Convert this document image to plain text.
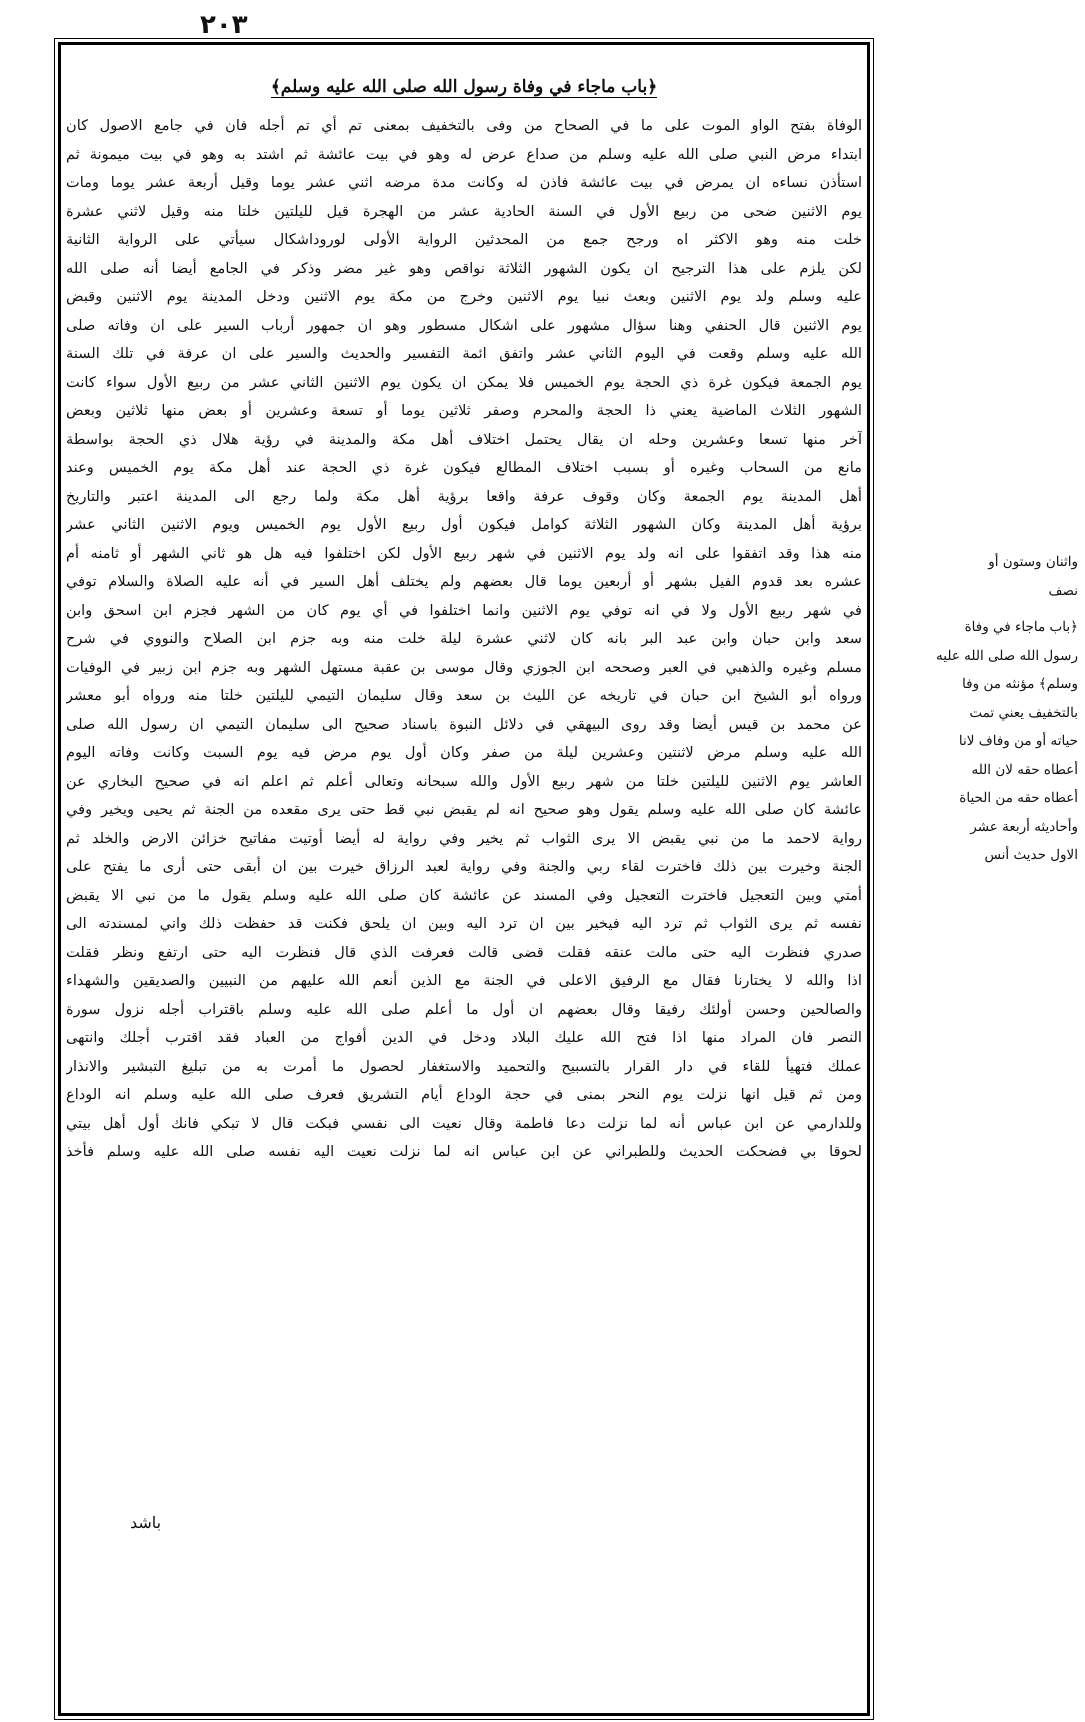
٢٠٣
﴿باب ماجاء في وفاة رسول الله صلى الله عليه وسلم﴾

الوفاة بفتح الواو الموت على ما في الصحاح من وفى بالتخفيف بمعنى تم أي تم أجله فان في جامع الاصول كان

ابتداء مرض النبي صلى الله عليه وسلم من صداع عرض له وهو في بيت عائشة ثم اشتد به وهو في بيت ميمونة ثم

استأذن نساءه ان يمرض في بيت عائشة فاذن له وكانت مدة مرضه اثني عشر يوما وقيل أربعة عشر يوما ومات

يوم الاثنين ضحى من ربيع الأول في السنة الحادية عشر من الهجرة قيل لليلتين خلتا منه وقيل لاثني عشرة

خلت منه وهو الاكثر اه ورجح جمع من المحدثين الرواية الأولى لوروداشكال سيأتي على الرواية الثانية

لكن يلزم على هذا الترجيح ان يكون الشهور الثلاثة نواقص وهو غير مضر وذكر في الجامع أيضا أنه صلى الله

عليه وسلم ولد يوم الاثنين وبعث نبيا يوم الاثنين وخرج من مكة يوم الاثنين ودخل المدينة يوم الاثنين وقبض

يوم الاثنين قال الحنفي وهنا سؤال مشهور على اشكال مسطور وهو ان جمهور أرباب السير على ان وفاته صلى

الله عليه وسلم وقعت في اليوم الثاني عشر واتفق ائمة التفسير والحديث والسير على ان عرفة في تلك السنة

يوم الجمعة فيكون غرة ذي الحجة يوم الخميس فلا يمكن ان يكون يوم الاثنين الثاني عشر من ربيع الأول سواء كانت

الشهور الثلاث الماضية يعني ذا الحجة والمحرم وصفر ثلاثين يوما أو تسعة وعشرين أو بعض منها ثلاثين وبعض

آخر منها تسعا وعشرين وحله ان يقال يحتمل اختلاف أهل مكة والمدينة في رؤية هلال ذي الحجة بواسطة

مانع من السحاب وغيره أو بسبب اختلاف المطالع فيكون غرة ذي الحجة عند أهل مكة يوم الخميس وعند

أهل المدينة يوم الجمعة وكان وقوف عرفة واقعا برؤية أهل مكة ولما رجع الى المدينة اعتبر والتاريخ

برؤية أهل المدينة وكان الشهور الثلاثة كوامل فيكون أول ربيع الأول يوم الخميس ويوم الاثنين الثاني عشر

منه هذا وقد اتفقوا على انه ولد يوم الاثنين في شهر ربيع الأول لكن اختلفوا فيه هل هو ثاني الشهر أو ثامنه أم

عشره بعد قدوم الفيل بشهر أو أربعين يوما قال بعضهم ولم يختلف أهل السير في أنه عليه الصلاة والسلام توفي

في شهر ربيع الأول ولا في انه توفي يوم الاثنين وانما اختلفوا في أي يوم كان من الشهر فجزم ابن اسحق وابن

سعد وابن حبان وابن عبد البر بانه كان لاثني عشرة ليلة خلت منه وبه جزم ابن الصلاح والنووي في شرح

مسلم وغيره والذهبي في العبر وصححه ابن الجوزي وقال موسى بن عقبة مستهل الشهر وبه جزم ابن زبير في الوفيات

ورواه أبو الشيخ ابن حبان في تاريخه عن الليث بن سعد وقال سليمان التيمي لليلتين خلتا منه ورواه أبو معشر

عن محمد بن قيس أيضا وقد روى البيهقي في دلائل النبوة باسناد صحيح الى سليمان التيمي ان رسول الله صلى

الله عليه وسلم مرض لاثنتين وعشرين ليلة من صفر وكان أول يوم مرض فيه يوم السبت وكانت وفاته اليوم

العاشر يوم الاثنين لليلتين خلتا من شهر ربيع الأول والله سبحانه وتعالى أعلم ثم اعلم انه في صحيح البخاري عن

عائشة كان صلى الله عليه وسلم يقول وهو صحيح انه لم يقبض نبي قط حتى يرى مقعده من الجنة ثم يحيى ويخير وفي

رواية لاحمد ما من نبي يقبض الا يرى الثواب ثم يخير وفي رواية له أيضا أوتيت مفاتيح خزائن الارض والخلد ثم

الجنة وخيرت بين ذلك فاخترت لقاء ربي والجنة وفي رواية لعبد الرزاق خيرت بين ان أبقى حتى أرى ما يفتح على

أمتي وبين التعجيل فاخترت التعجيل وفي المسند عن عائشة كان صلى الله عليه وسلم يقول ما من نبي الا يقبض

نفسه ثم يرى الثواب ثم ترد اليه فيخير بين ان ترد اليه وبين ان يلحق فكنت قد حفظت ذلك واني لمسندته الى

صدري فنظرت اليه حتى مالت عنقه فقلت قضى قالت فعرفت الذي قال فنظرت اليه حتى ارتفع ونظر فقلت

اذا والله لا يختارنا فقال مع الرفيق الاعلى في الجنة مع الذين أنعم الله عليهم من النبيين والصديقين والشهداء

والصالحين وحسن أولئك رفيقا وقال بعضهم ان أول ما أعلم صلى الله عليه وسلم باقتراب أجله نزول سورة

النصر فان المراد منها اذا فتح الله عليك البلاد ودخل في الدين أفواج من العباد فقد اقترب أجلك وانتهى

عملك فتهيأ للقاء في دار القرار بالتسبيح والتحميد والاستغفار لحصول ما أمرت به من تبليغ التبشير والانذار

ومن ثم قيل انها نزلت يوم النحر بمنى في حجة الوداع أيام التشريق فعرف صلى الله عليه وسلم انه الوداع

وللدارمي عن ابن عباس أنه لما نزلت دعا فاطمة وقال نعيت الى نفسي فبكت قال لا تبكي فانك أول أهل بيتي

لحوقا بي فضحكت الحديث وللطبراني عن ابن عباس انه لما نزلت نعيت اليه نفسه صلى الله عليه وسلم فأخذ

واثنان وستون أو

نصف

﴿باب ماجاء في وفاة

رسول الله صلى الله عليه

وسلم﴾ مؤنثه من وفا

بالتخفيف يعني تمت

حياته أو من وفاف لانا

أعطاه حقه لان الله

أعطاه حقه من الحياة

وأحاديثه أربعة عشر

الاول حديث أنس

باشد
